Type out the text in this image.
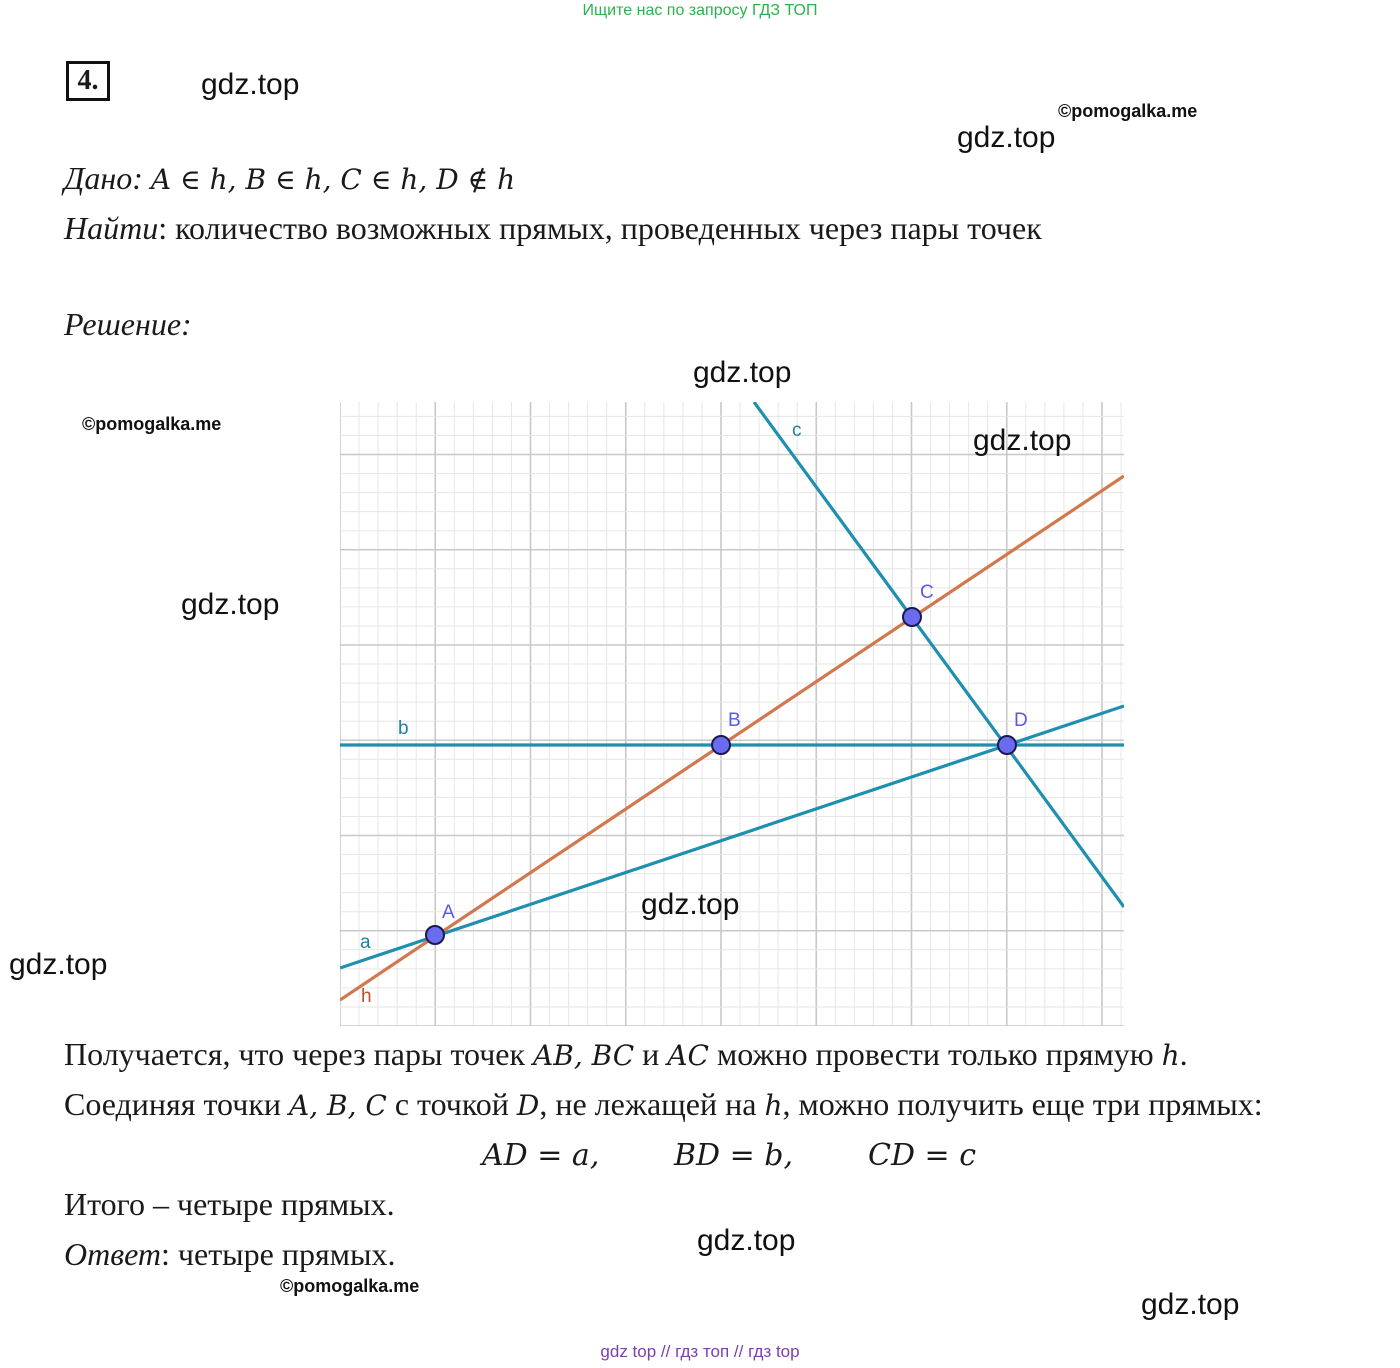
Ищите нас по запросу ГДЗ ТОП
4.	gdz.top
©pomogalka.me
gdz.top
Дано: A ∈ h, B ∈ h, C ∈ h, D ∉ h
Найти: количество возможных прямых, проведенных через пары точек
Решение:
gdz.top
©pomogalka.me
gdz.top
gdz.top
A
B
C
D
a
b
c
h
gdz.top
gdz.top
Получается, что через пары точек AB, BC и AC можно провести только прямую h.
Соединяя точки A, B, C с точкой D, не лежащей на h, можно получить еще три прямых:
AD = a, BD = b, CD = c
Итого – четыре прямых.
Ответ: четыре прямых.	gdz.top
©pomogalka.me
gdz.top
gdz top // гдз топ // гдз top
